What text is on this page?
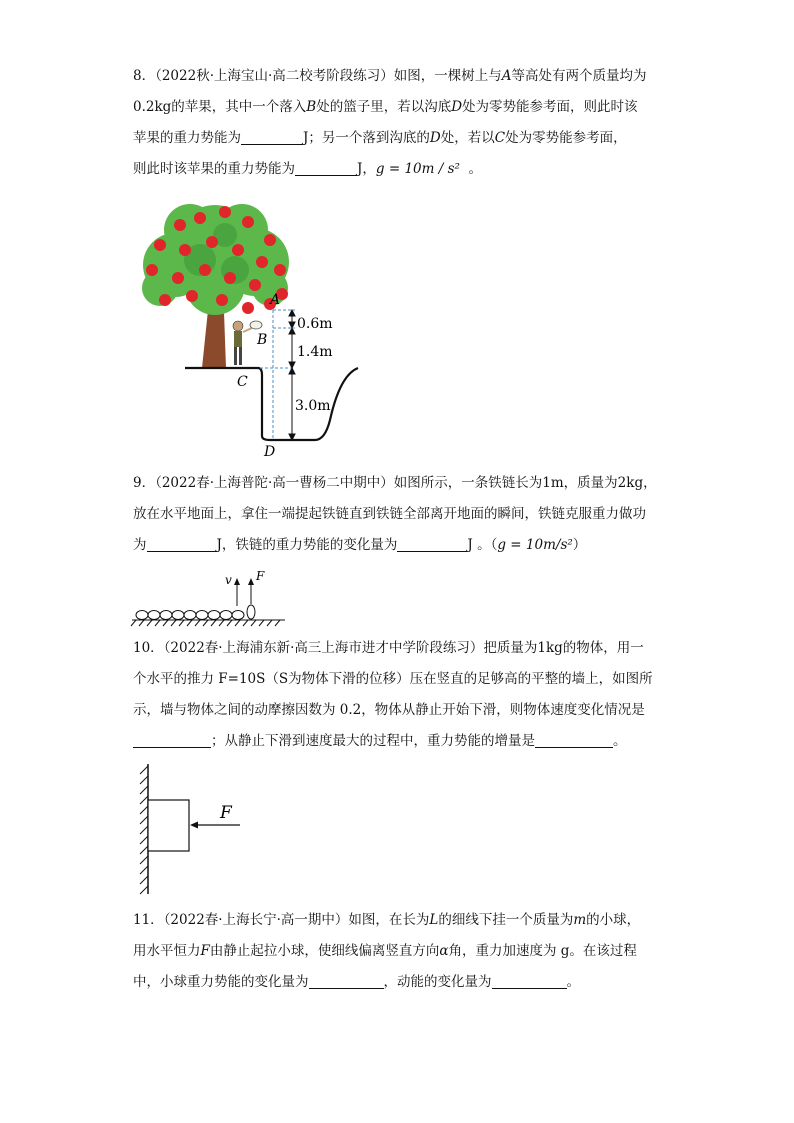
8．（2022秋·上海宝山·高二校考阶段练习）如图，一棵树上与A等高处有两个质量均为
0.2kg的苹果，其中一个落入B处的篮子里，若以沟底D处为零势能参考面，则此时该
苹果的重力势能为	J；另一个落到沟底的D处，若以C处为零势能参考面，
则此时该苹果的重力势能为	J，g = 10m / s² 。
A
B
C
D
0.6m
1.4m
3.0m
9．（2022春·上海普陀·高一曹杨二中期中）如图所示，一条铁链长为1m，质量为2kg，
放在水平地面上，拿住一端提起铁链直到铁链全部离开地面的瞬间，铁链克服重力做功
为	J，铁链的重力势能的变化量为	J 。（g = 10m/s²）
v F
10．（2022春·上海浦东新·高三上海市进才中学阶段练习）把质量为1kg的物体，用一
个水平的推力 F=10S（S为物体下滑的位移）压在竖直的足够高的平整的墙上，如图所
示，墙与物体之间的动摩擦因数为 0.2，物体从静止开始下滑，则物体速度变化情况是
；从静止下滑到速度最大的过程中，重力势能的增量是	。
F
11．（2022春·上海长宁·高一期中）如图，在长为L的细线下挂一个质量为m的小球，
用水平恒力F由静止起拉小球，使细线偏离竖直方向α角，重力加速度为 g。在该过程
中，小球重力势能的变化量为	，动能的变化量为	。
